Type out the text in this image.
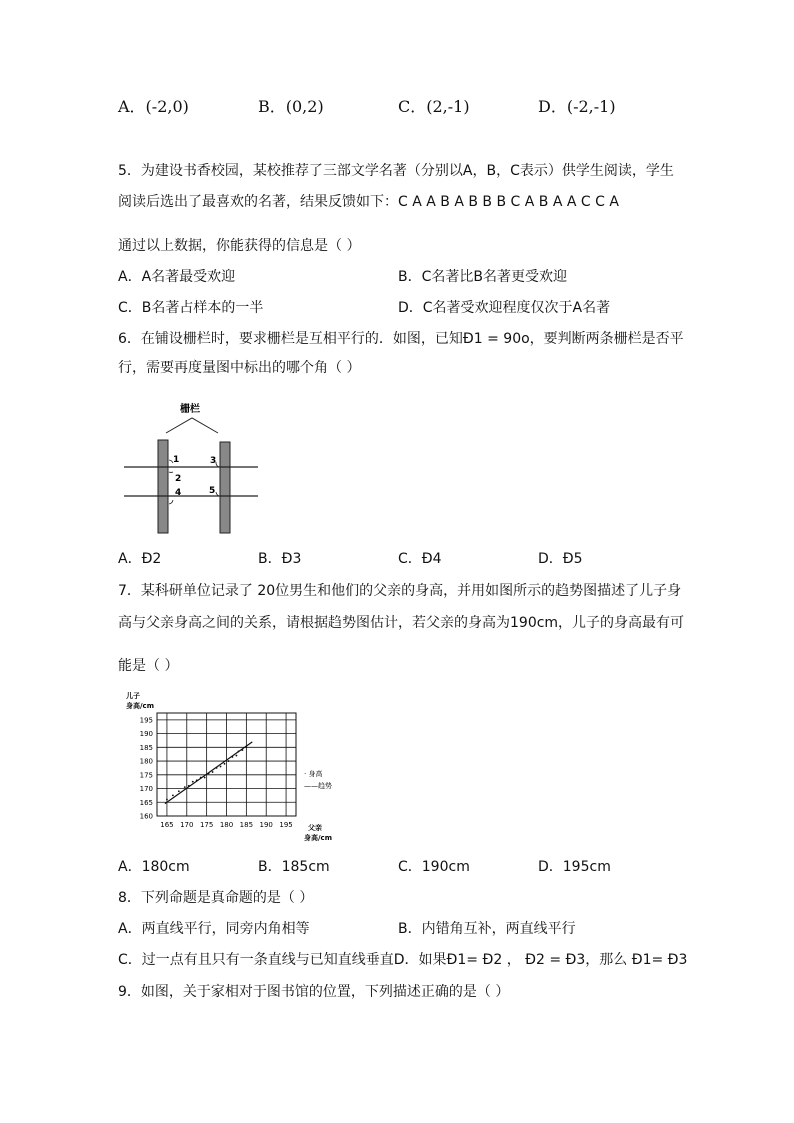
A．(-2,0)	B．(0,2)	C．(2,-1)	D．(-2,-1)
5．为建设书香校园，某校推荐了三部文学名著（分别以A，B，C表示）供学生阅读，学生
阅读后选出了最喜欢的名著，结果反馈如下：C A A B A B B B C A B A A C C A
通过以上数据，你能获得的信息是（ ）
A．A名著最受欢迎	B．C名著比B名著更受欢迎
C．B名著占样本的一半	D．C名著受欢迎程度仅次于A名著
6．在铺设栅栏时，要求栅栏是互相平行的．如图，已知Ð1 = 90o，要判断两条栅栏是否平
行，需要再度量图中标出的哪个角（ ）
栅栏
1
2
3
4	5
A．Ð2	B．Ð3	C．Ð4	D．Ð5
7．某科研单位记录了 20位男生和他们的父亲的身高，并用如图所示的趋势图描述了儿子身
高与父亲身高之间的关系，请根据趋势图估计，若父亲的身高为190cm，儿子的身高最有可
能是（ ）
儿子
身高/cm
195
190
185
180
175
170
165
160
165 170 175 180 185 190 195
· 身高
——趋势
父亲
身高/cm
A．180cm	B．185cm	C．190cm	D．195cm
8．下列命题是真命题的是（ ）
A．两直线平行，同旁内角相等	B．内错角互补，两直线平行
C．过一点有且只有一条直线与已知直线垂直D．如果Ð1= Ð2 ， Ð2 = Ð3，那么 Ð1= Ð3
9．如图，关于家相对于图书馆的位置，下列描述正确的是（ ）
